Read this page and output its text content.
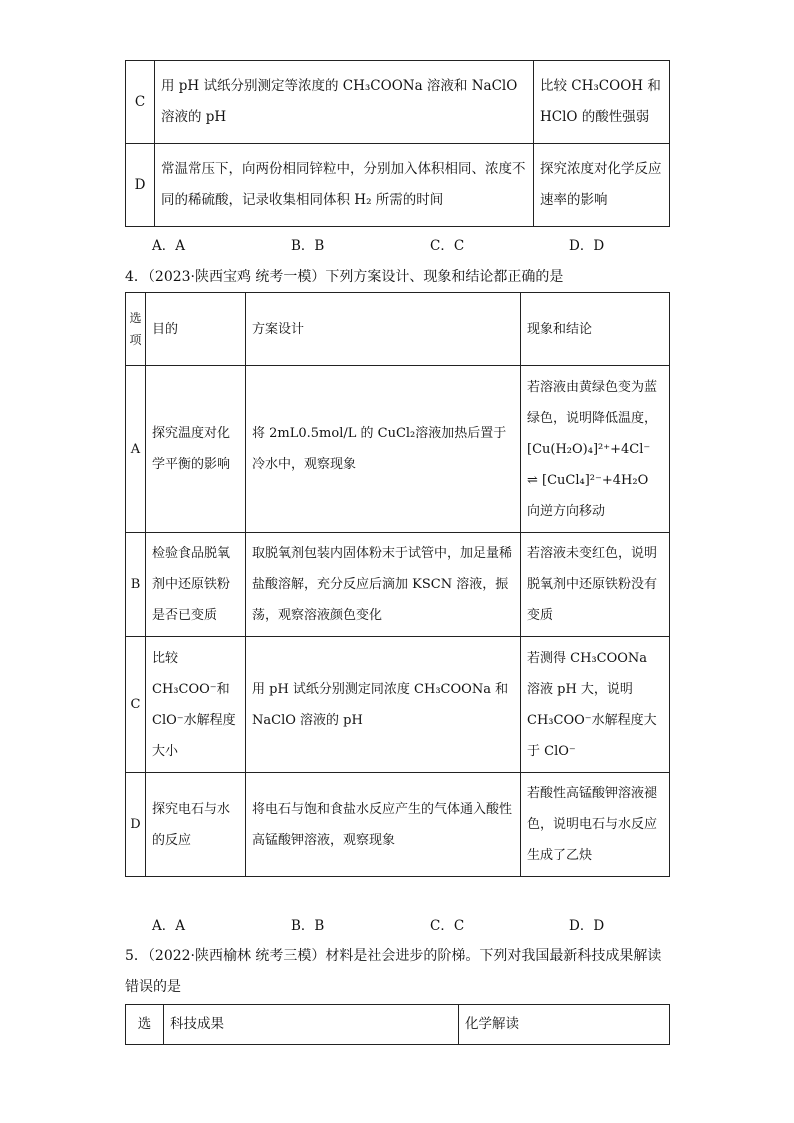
C	用 pH 试纸分别测定等浓度的 CH₃COONa 溶液和 NaClO 溶液的 pH	比较 CH₃COOH 和 HClO 的酸性强弱
D	常温常压下，向两份相同锌粒中，分别加入体积相同、浓度不同的稀硫酸，记录收集相同体积 H₂ 所需的时间	探究浓度对化学反应速率的影响
A．A	B．B	C．C	D．D
4．（2023·陕西宝鸡 统考一模）下列方案设计、现象和结论都正确的是
选项	目的	方案设计	现象和结论
A	探究温度对化学平衡的影响	将 2mL0.5mol/L 的 CuCl₂溶液加热后置于冷水中，观察现象	若溶液由黄绿色变为蓝绿色，说明降低温度，[Cu(H₂O)₄]²⁺+4Cl⁻ ⇌ [CuCl₄]²⁻+4H₂O 向逆方向移动
B	检验食品脱氧剂中还原铁粉是否已变质	取脱氧剂包装内固体粉末于试管中，加足量稀盐酸溶解，充分反应后滴加 KSCN 溶液，振荡，观察溶液颜色变化	若溶液未变红色，说明脱氧剂中还原铁粉没有变质
C	比较 CH₃COO⁻和 ClO⁻水解程度大小	用 pH 试纸分别测定同浓度 CH₃COONa 和 NaClO 溶液的 pH	若测得 CH₃COONa 溶液 pH 大，说明 CH₃COO⁻水解程度大于 ClO⁻
D	探究电石与水的反应	将电石与饱和食盐水反应产生的气体通入酸性高锰酸钾溶液，观察现象	若酸性高锰酸钾溶液褪色，说明电石与水反应生成了乙炔
A．A	B．B	C．C	D．D
5．（2022·陕西榆林 统考三模）材料是社会进步的阶梯。下列对我国最新科技成果解读错误的是
选	科技成果	化学解读
